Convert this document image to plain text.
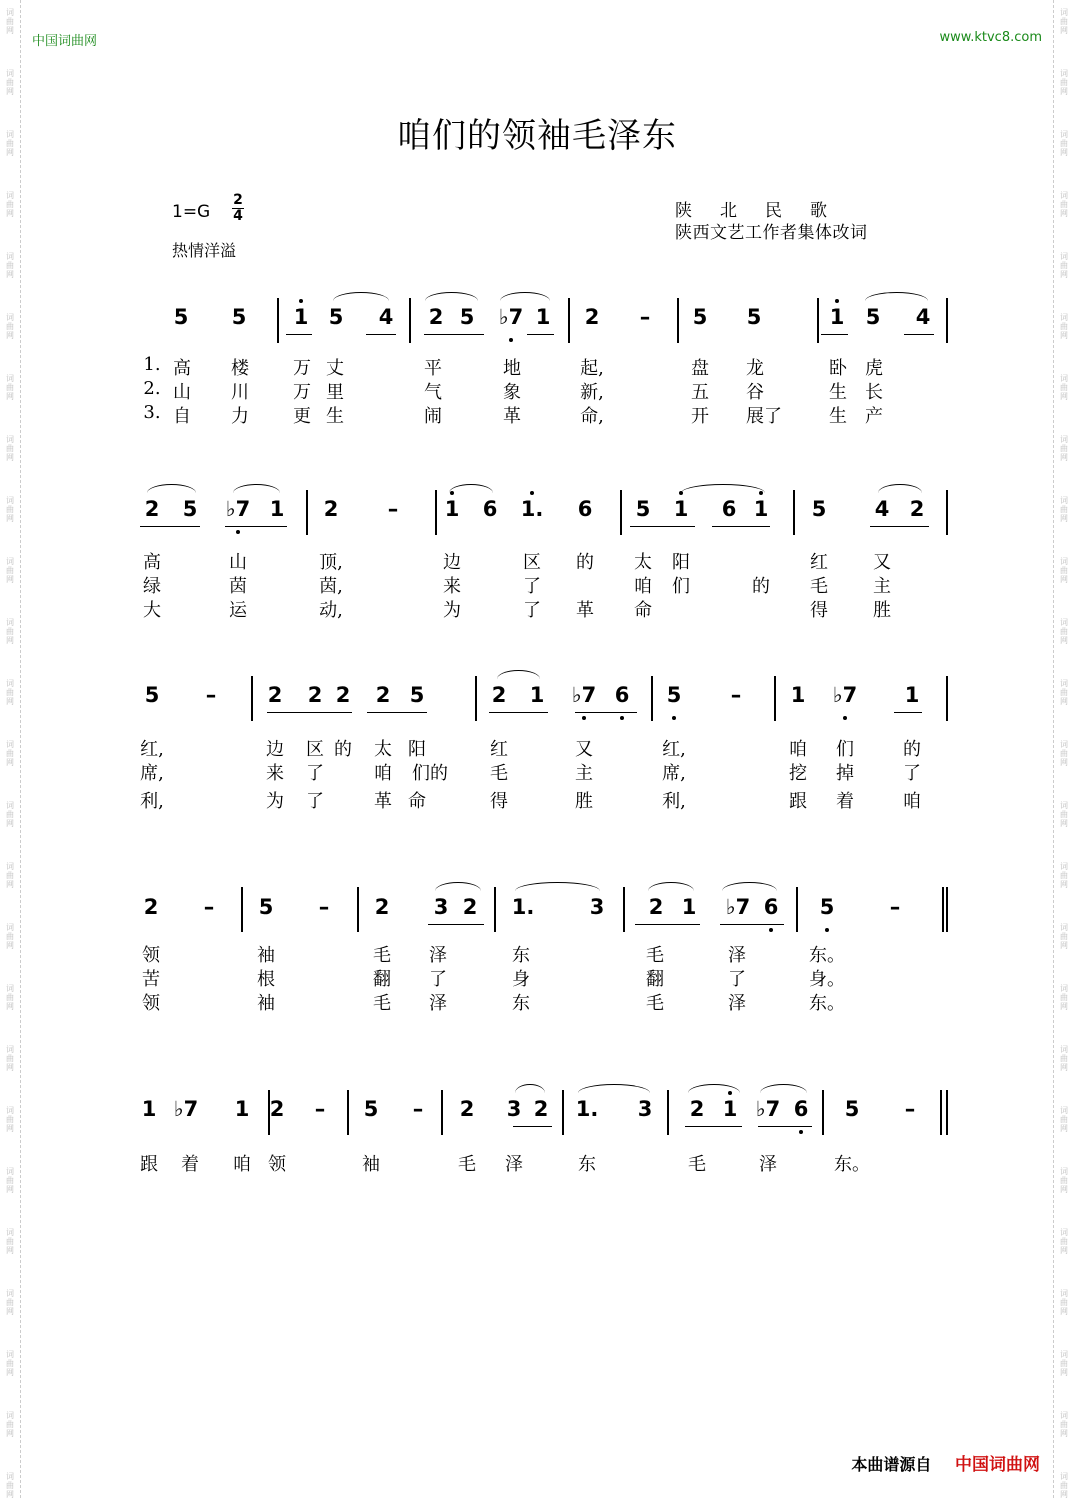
词
曲
网
词
曲
网
词
曲
网
词
曲
网
词
曲
网
词
曲
网
词
曲
网
词
曲
网
词
曲
网
词
曲
网
词
曲
网
词
曲
网
词
曲
网
词
曲
网
词
曲
网
词
曲
网
词
曲
网
词
曲
网
词
曲
网
词
曲
网
词
曲
网
词
曲
网
词
曲
网
词
曲
网
词
曲
网
词
曲
网
词
曲
网
词
曲
网
词
曲
网
词
曲
网
词
曲
网
词
曲
网
词
曲
网
词
曲
网
词
曲
网
词
曲
网
词
曲
网
词
曲
网
词
曲
网
词
曲
网
词
曲
网
词
曲
网
词
曲
网
词
曲
网
词
曲
网
词
曲
网
词
曲
网
词
曲
网
词
曲
网
词
曲
网
中国词曲网	www.ktvc8.com
咱们的领袖毛泽东
1=G
2
4
热情洋溢
陕北民歌
陕西文艺工作者集体改词
5 5 1 5 4 2 5 ♭7 1 2 – 5 5	1 5 4
1. 高 楼 万 丈	平	地	起,	盘 龙	卧 虎
2. 山 川 万 里	气	象	新,	五 谷	生 长
3. 自 力 更 生	闹	革	命,	开 展了	生 产
2 5 ♭7 1 2 – 1 6 1. 6 5 1 6 1 5 4 2
高	山	顶,	边	区 的 太 阳	红	又
绿	茵	茵,	来	了	咱 们	的 毛	主
大	运	动,	为	了 革 命	得	胜
5 – 2 2 2 2 5	2 1 ♭7 6 5 – 1 ♭7 1
红,	边 区 的 太 阳	红	又	红,	咱 们	的
席,	来 了	咱 们的 毛	主	席,	挖 掉	了
利,	为 了	革 命	得	胜	利,	跟 着	咱
2 – 5 – 2 3 2 1.	3 2 1 ♭7 6 5	–
领	袖	毛 泽	东	毛	泽	东。
苦	根	翻 了	身	翻	了	身。
领	袖	毛 泽	东	毛	泽	东。
1 ♭7 1 2 – 5 – 2 3 2 1. 3 2 1 ♭7 6 5 –
跟 着 咱 领	袖	毛 泽	东	毛	泽	东。
本曲谱源自 中国词曲网
